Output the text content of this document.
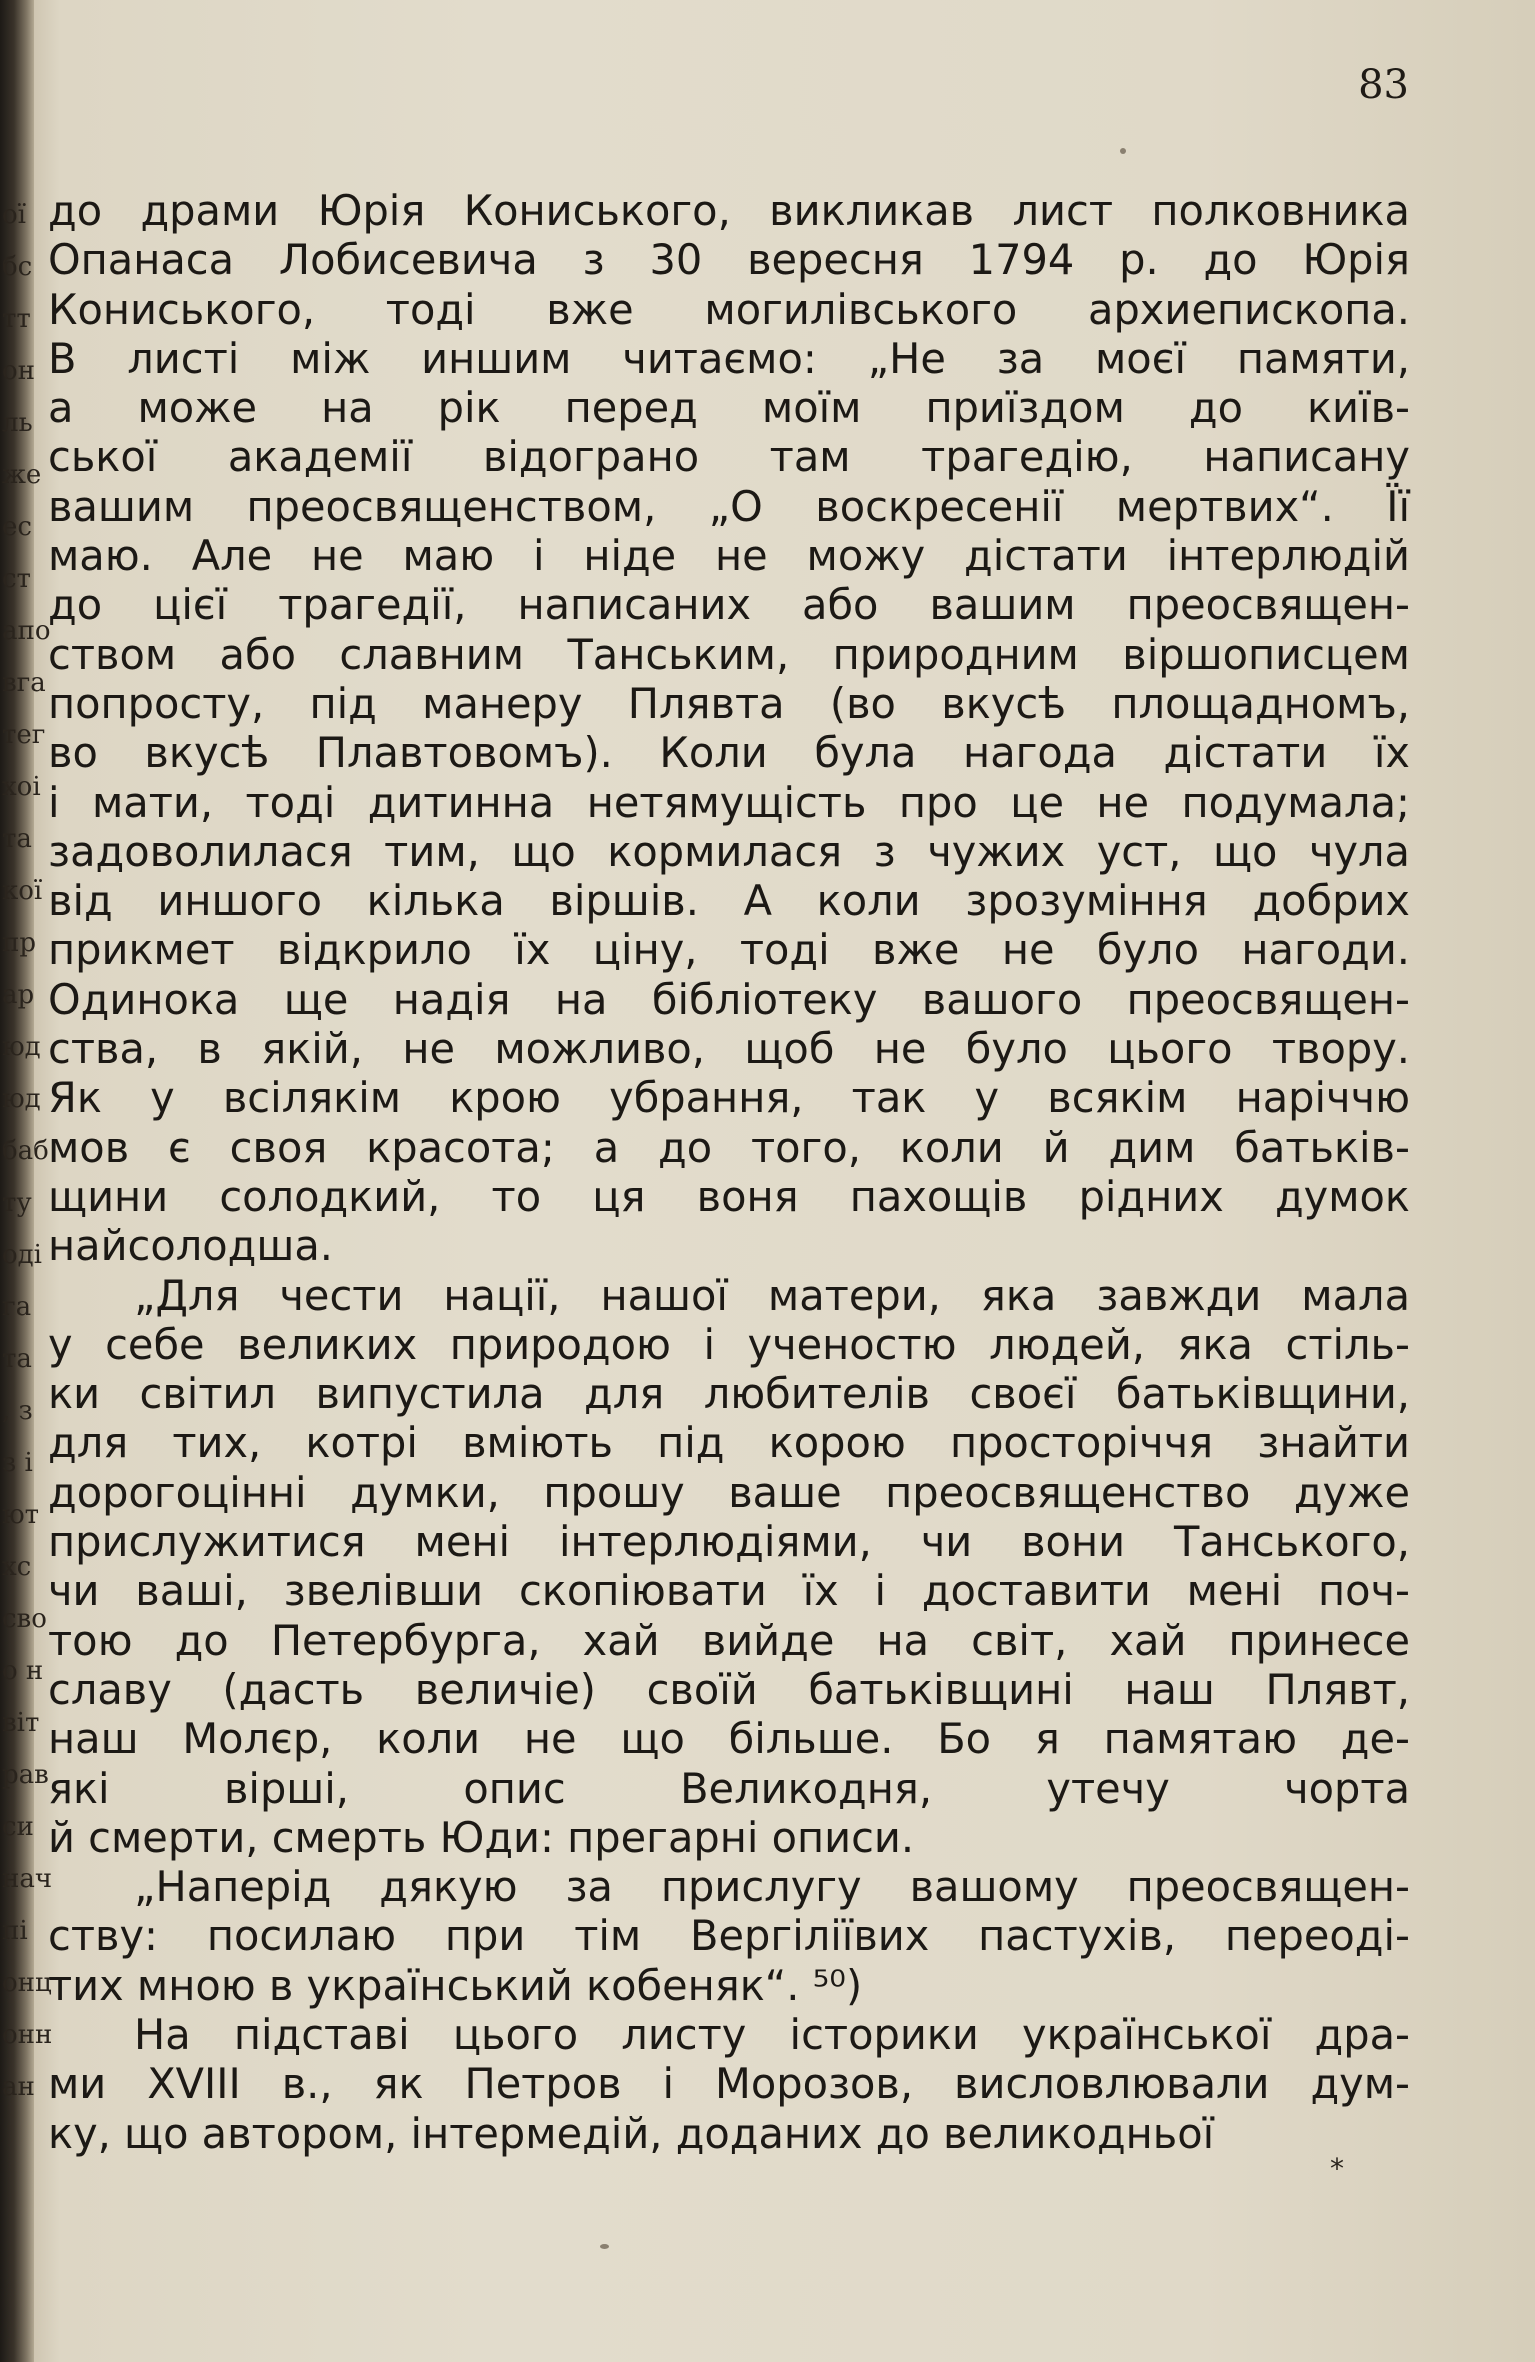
ої
бс
тт
он
ль
же
ес
ст
апо
вга
тег
хоі
та
кої
пр
ар
юд
юд
баб
ту
оді
га
та
, з
з і
ют
хс
сво
о н
віт
рав
си
нач
пі
онц
онн
ан
83
до драми Юрія Кониського, викликав лист полковника
Опанаса Лобисевича з 30 вересня 1794 р. до Юрія
Кониського, тоді вже могилівського архиепископа.
В листі між иншим читаємо: „Не за моєї памяти,
а може на рік перед моїм приїздом до київ-
ської академії відограно там трагедію, написану
вашим преосвященством, „О воскресенії мертвих“. Її
маю. Але не маю і ніде не можу дістати інтерлюдій
до цієї трагедії, написаних або вашим преосвящен-
ством або славним Танським, природним віршописцем
попросту, під манеру Плявта (во вкусѣ площадномъ,
во вкусѣ Плавтовомъ). Коли була нагода дістати їх
і мати, тоді дитинна нетямущість про це не подумала;
задоволилася тим, що кормилася з чужих уст, що чула
від иншого кілька віршів. А коли зрозуміння добрих
прикмет відкрило їх ціну, тоді вже не було нагоди.
Одинока ще надія на бібліотеку вашого преосвящен-
ства, в якій, не можливо, щоб не було цього твору.
Як у всілякім крою убрання, так у всякім наріччю
мов є своя красота; а до того, коли й дим батьків-
щини солодкий, то ця воня пахощів рідних думок
найсолодша.
„Для чести нації, нашої матери, яка завжди мала
у себе великих природою і ученостю людей, яка стіль-
ки світил випустила для любителів своєї батьківщини,
для тих, котрі вміють під корою просторіччя знайти
дорогоцінні думки, прошу ваше преосвященство дуже
прислужитися мені інтерлюдіями, чи вони Танського,
чи ваші, звелівши скопіювати їх і доставити мені поч-
тою до Петербурга, хай вийде на світ, хай принесе
славу (дасть величіе) своїй батьківщині наш Плявт,
наш Молєр, коли не що більше. Бо я памятаю де-
які вірші, опис Великодня, утечу чорта
й смерти, смерть Юди: прегарні описи.
„Наперід дякую за прислугу вашому преосвящен-
ству: посилаю при тім Вергіліївих пастухів, переоді-
тих мною в український кобеняк“. ⁵⁰)
На підставі цього листу історики української дра-
ми XVIII в., як Петров і Морозов, висловлювали дум-
ку, що автором, інтермедій, доданих до великодньої
*
